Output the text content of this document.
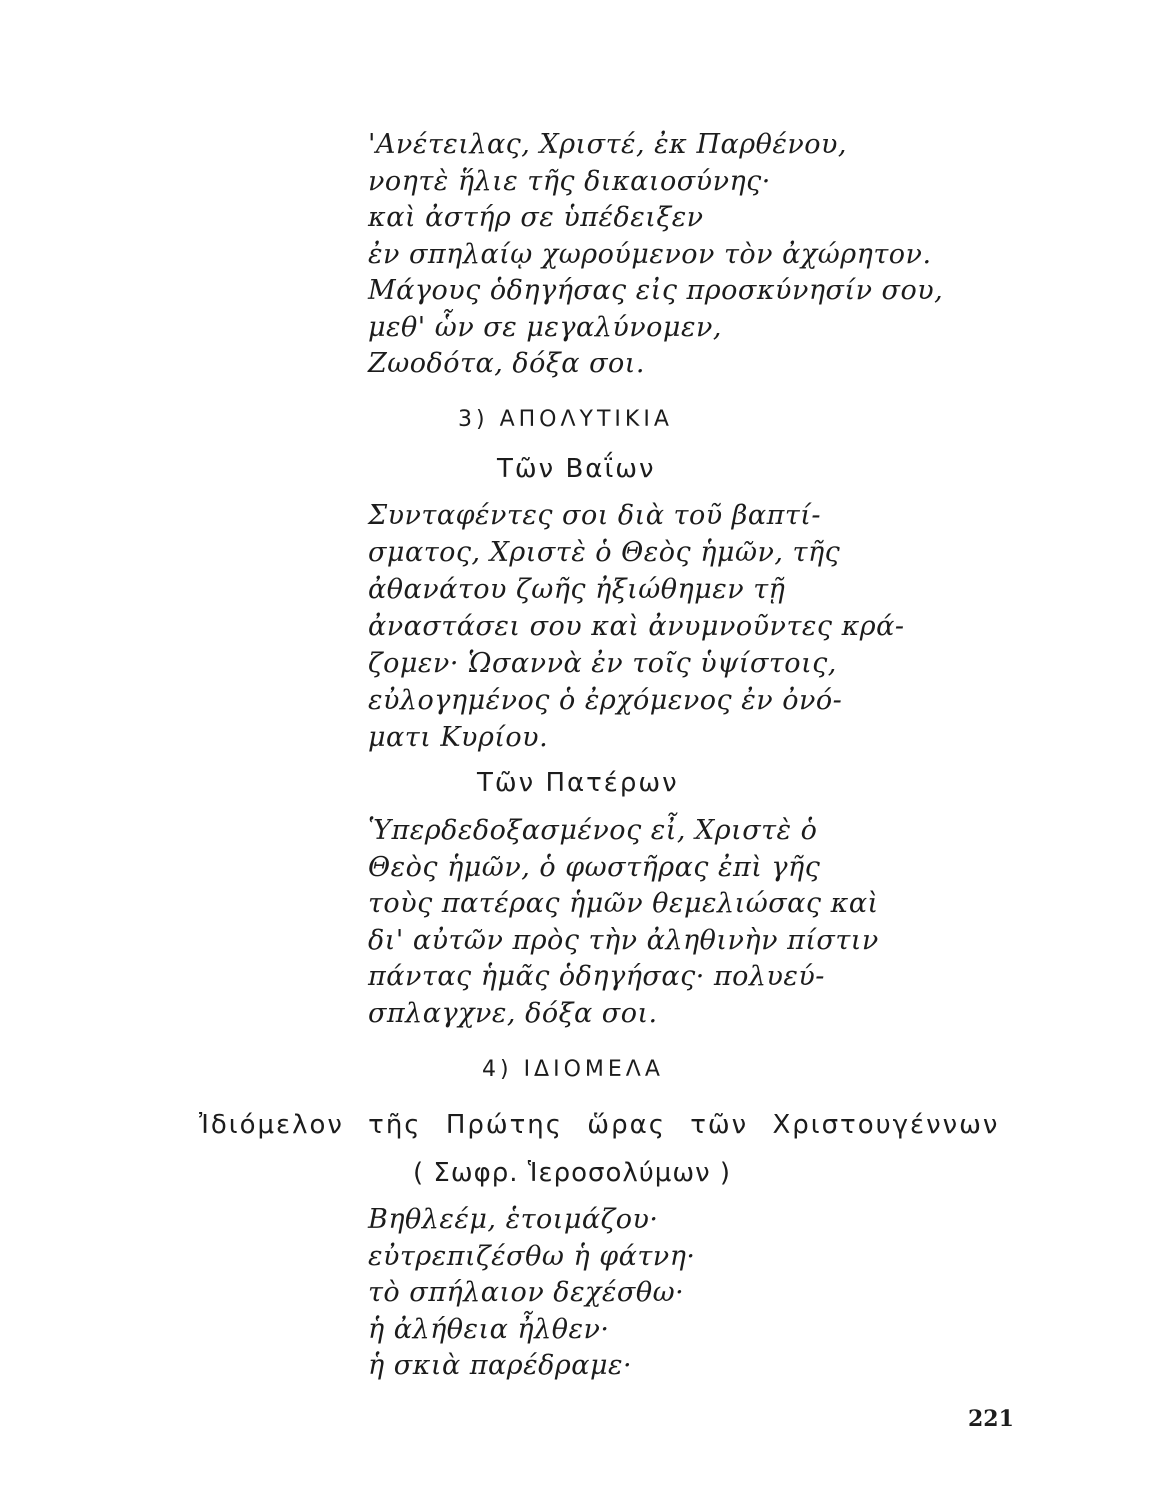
'Ανέτειλας, Χριστέ, ἐκ Παρθένου,
νοητὲ ἥλιε τῆς δικαιοσύνης·
καὶ ἀστήρ σε ὑπέδειξεν
ἐν σπηλαίῳ χωρούμενον τὸν ἀχώρητον.
Μάγους ὁδηγήσας εἰς προσκύνησίν σου,
μεθ' ὧν σε μεγαλύνομεν,
Ζωοδότα, δόξα σοι.
3) ΑΠΟΛΥΤΙΚΙΑ
Τῶν Βαΐων
Συνταφέντες σοι διὰ τοῦ βαπτί-
σματος, Χριστὲ ὁ Θεὸς ἡμῶν, τῆς
ἀθανάτου ζωῆς ἠξιώθημεν τῇ
ἀναστάσει σου καὶ ἀνυμνοῦντες κρά-
ζομεν· Ὡσαννὰ ἐν τοῖς ὑψίστοις,
εὐλογημένος ὁ ἐρχόμενος ἐν ὀνό-
ματι Κυρίου.
Τῶν Πατέρων
Ὑπερδεδοξασμένος εἶ, Χριστὲ ὁ
Θεὸς ἡμῶν, ὁ φωστῆρας ἐπὶ γῆς
τοὺς πατέρας ἡμῶν θεμελιώσας καὶ
δι' αὐτῶν πρὸς τὴν ἀληθινὴν πίστιν
πάντας ἡμᾶς ὁδηγήσας· πολυεύ-
σπλαγχνε, δόξα σοι.
4) ΙΔΙΟΜΕΛΑ
Ἰδιόμελον τῆς Πρώτης ὥρας τῶν Χριστουγέννων
( Σωφρ. Ἱεροσολύμων )
Βηθλεέμ, ἑτοιμάζου·
εὐτρεπιζέσθω ἡ φάτνη·
τὸ σπήλαιον δεχέσθω·
ἡ ἀλήθεια ἦλθεν·
ἡ σκιὰ παρέδραμε·
221
